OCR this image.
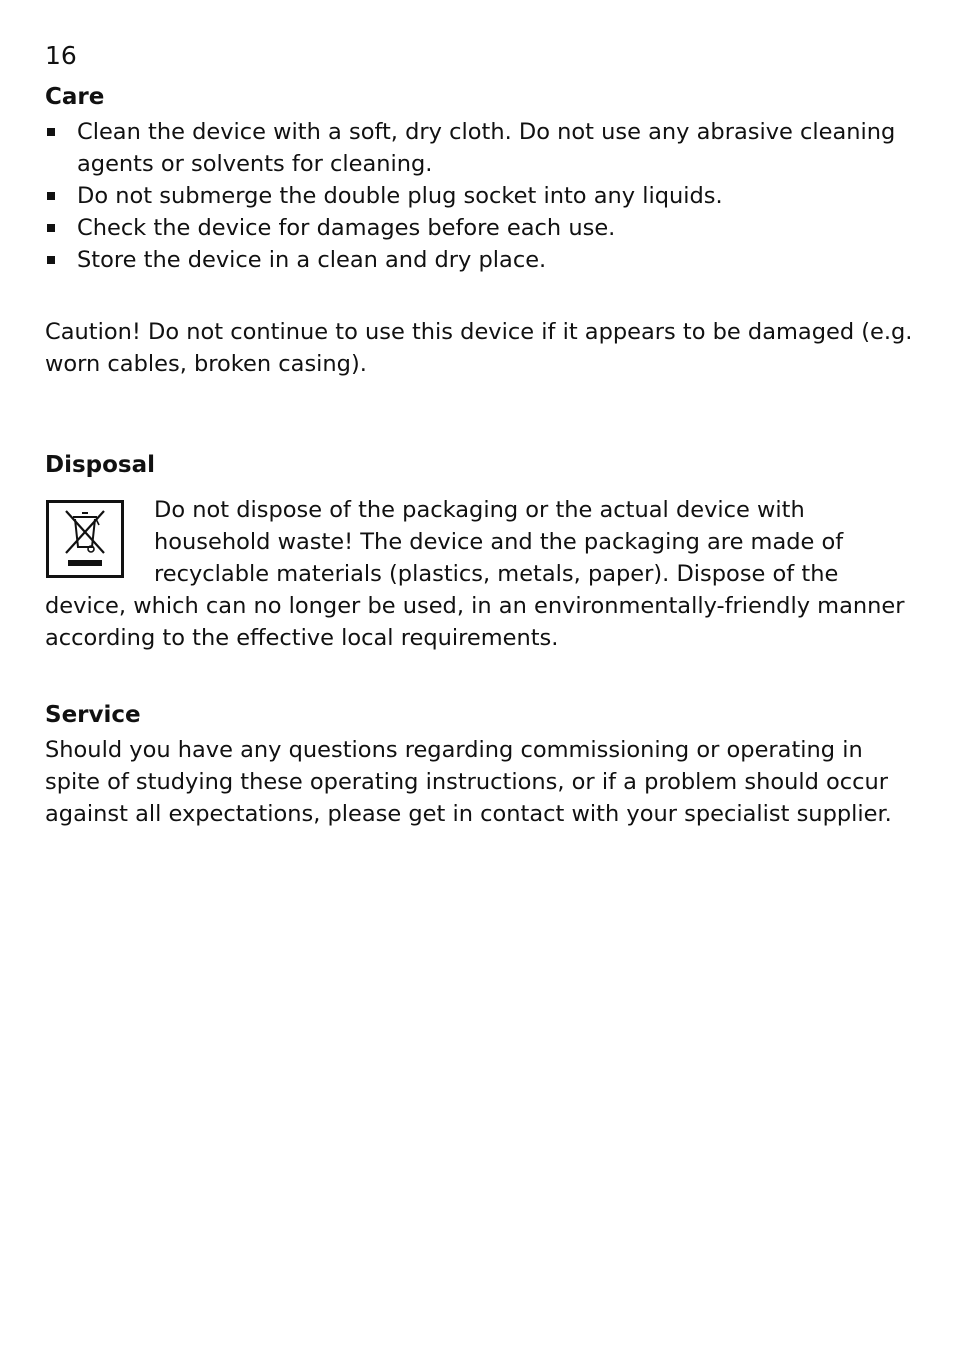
16
Care
Clean the device with a soft, dry cloth. Do not use any abrasive cleaning agents or solvents for cleaning.
Do not submerge the double plug socket into any liquids.
Check the device for damages before each use.
Store the device in a clean and dry place.

Caution! Do not continue to use this device if it appears to be damaged (e.g. worn cables, broken casing).

Disposal

Do not dispose of the packaging or the actual device with household waste! The device and the packaging are made of recyclable materials (plastics, metals, paper). Dispose of the device, which can no longer be used, in an environmentally-friendly manner according to the effective local requirements.

Service

Should you have any questions regarding commissioning or operating in spite of studying these operating instructions, or if a problem should occur against all expectations, please get in contact with your specialist supplier.
